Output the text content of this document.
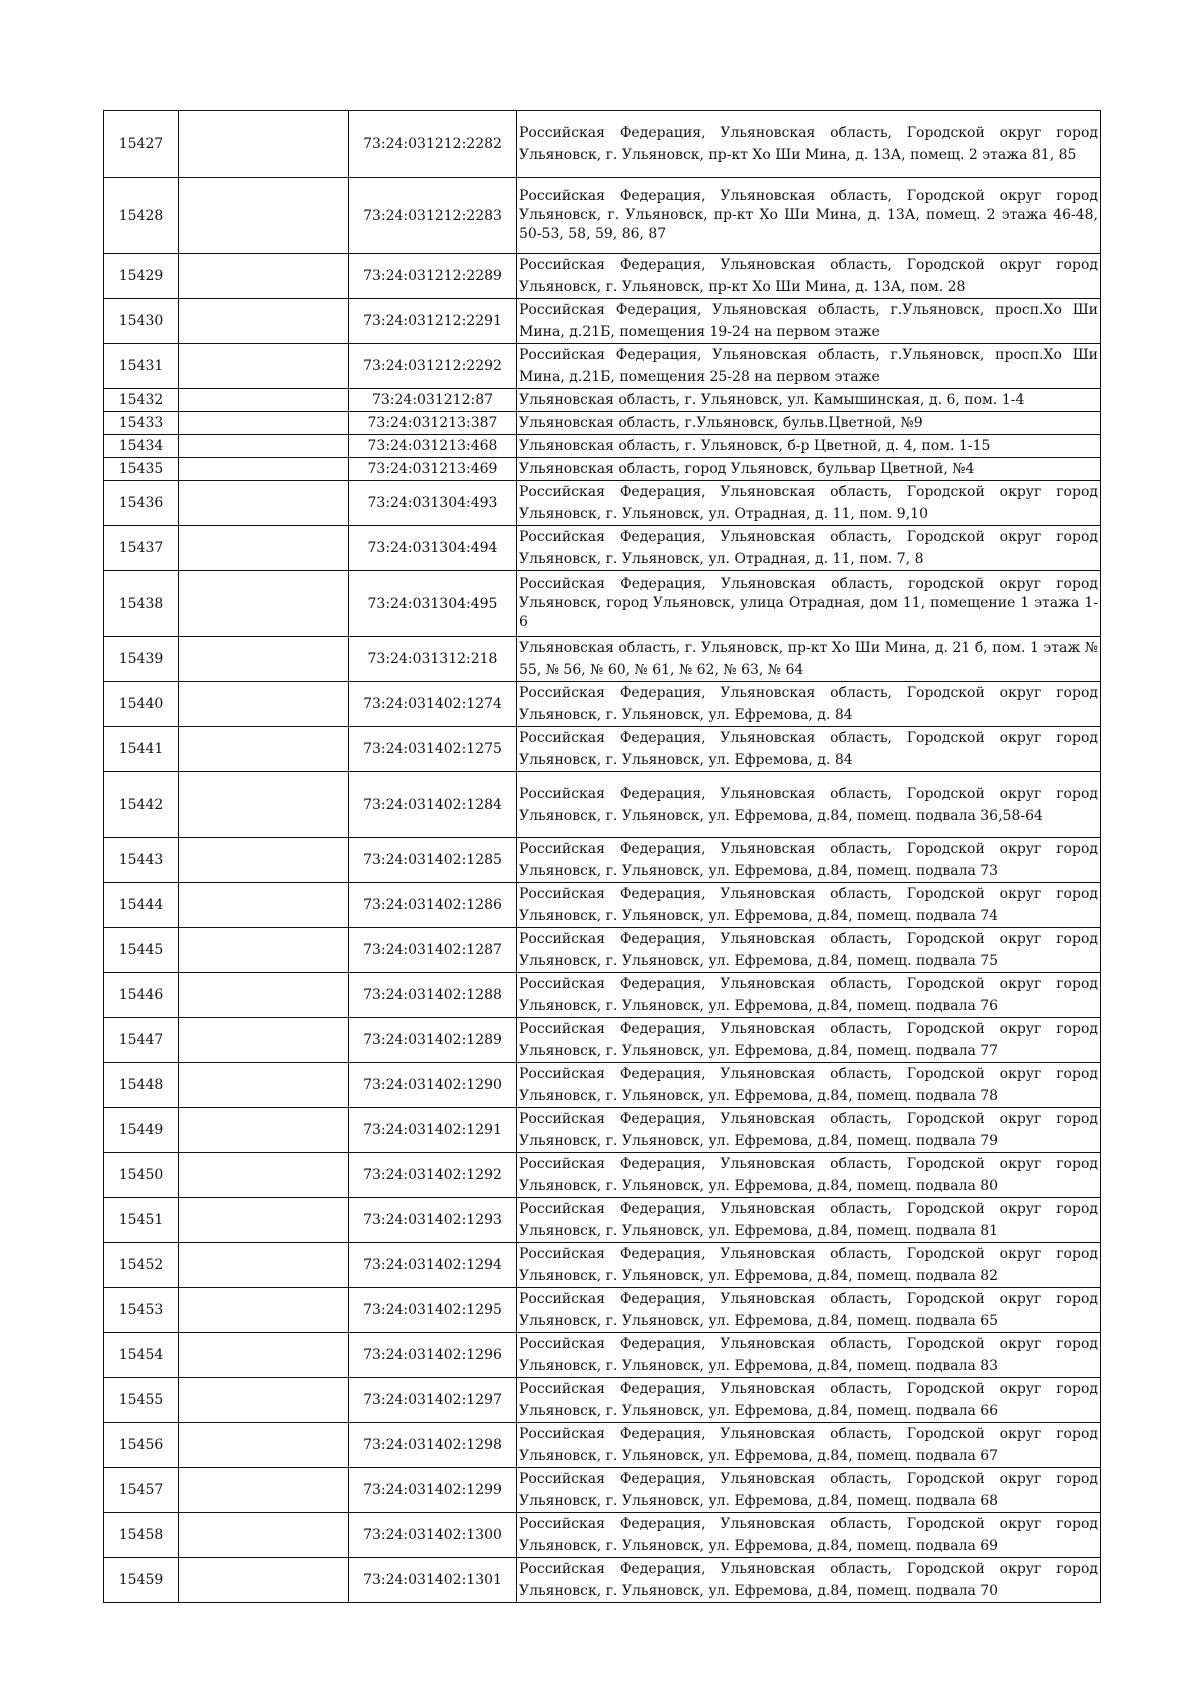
15427		73:24:031212:2282	Российская Федерация, Ульяновская область, Городской округ город Ульяновск, г. Ульяновск, пр-кт Хо Ши Мина, д. 13А, помещ. 2 этажа 81, 85
15428		73:24:031212:2283	Российская Федерация, Ульяновская область, Городской округ город Ульяновск, г. Ульяновск, пр-кт Хо Ши Мина, д. 13А, помещ. 2 этажа 46-48, 50-53, 58, 59, 86, 87
15429		73:24:031212:2289	Российская Федерация, Ульяновская область, Городской округ город Ульяновск, г. Ульяновск, пр-кт Хо Ши Мина, д. 13А, пом. 28
15430		73:24:031212:2291	Российская Федерация, Ульяновская область, г.Ульяновск, просп.Хо Ши Мина, д.21Б, помещения 19-24 на первом этаже
15431		73:24:031212:2292	Российская Федерация, Ульяновская область, г.Ульяновск, просп.Хо Ши Мина, д.21Б, помещения 25-28 на первом этаже
15432		73:24:031212:87	Ульяновская область, г. Ульяновск, ул. Камышинская, д. 6, пом. 1-4
15433		73:24:031213:387	Ульяновская область, г.Ульяновск, бульв.Цветной, №9
15434		73:24:031213:468	Ульяновская область, г. Ульяновск, б-р Цветной, д. 4, пом. 1-15
15435		73:24:031213:469	Ульяновская область, город Ульяновск, бульвар Цветной, №4
15436		73:24:031304:493	Российская Федерация, Ульяновская область, Городской округ город Ульяновск, г. Ульяновск, ул. Отрадная, д. 11, пом. 9,10
15437		73:24:031304:494	Российская Федерация, Ульяновская область, Городской округ город Ульяновск, г. Ульяновск, ул. Отрадная, д. 11, пом. 7, 8
15438		73:24:031304:495	Российская Федерация, Ульяновская область, городской округ город Ульяновск, город Ульяновск, улица Отрадная, дом 11, помещение 1 этажа 1-6
15439		73:24:031312:218	Ульяновская область, г. Ульяновск, пр-кт Хо Ши Мина, д. 21 б, пом. 1 этаж № 55, № 56, № 60, № 61, № 62, № 63, № 64
15440		73:24:031402:1274	Российская Федерация, Ульяновская область, Городской округ город Ульяновск, г. Ульяновск, ул. Ефремова, д. 84
15441		73:24:031402:1275	Российская Федерация, Ульяновская область, Городской округ город Ульяновск, г. Ульяновск, ул. Ефремова, д. 84
15442		73:24:031402:1284	Российская Федерация, Ульяновская область, Городской округ город Ульяновск, г. Ульяновск, ул. Ефремова, д.84, помещ. подвала 36,58-64
15443		73:24:031402:1285	Российская Федерация, Ульяновская область, Городской округ город Ульяновск, г. Ульяновск, ул. Ефремова, д.84, помещ. подвала 73
15444		73:24:031402:1286	Российская Федерация, Ульяновская область, Городской округ город Ульяновск, г. Ульяновск, ул. Ефремова, д.84, помещ. подвала 74
15445		73:24:031402:1287	Российская Федерация, Ульяновская область, Городской округ город Ульяновск, г. Ульяновск, ул. Ефремова, д.84, помещ. подвала 75
15446		73:24:031402:1288	Российская Федерация, Ульяновская область, Городской округ город Ульяновск, г. Ульяновск, ул. Ефремова, д.84, помещ. подвала 76
15447		73:24:031402:1289	Российская Федерация, Ульяновская область, Городской округ город Ульяновск, г. Ульяновск, ул. Ефремова, д.84, помещ. подвала 77
15448		73:24:031402:1290	Российская Федерация, Ульяновская область, Городской округ город Ульяновск, г. Ульяновск, ул. Ефремова, д.84, помещ. подвала 78
15449		73:24:031402:1291	Российская Федерация, Ульяновская область, Городской округ город Ульяновск, г. Ульяновск, ул. Ефремова, д.84, помещ. подвала 79
15450		73:24:031402:1292	Российская Федерация, Ульяновская область, Городской округ город Ульяновск, г. Ульяновск, ул. Ефремова, д.84, помещ. подвала 80
15451		73:24:031402:1293	Российская Федерация, Ульяновская область, Городской округ город Ульяновск, г. Ульяновск, ул. Ефремова, д.84, помещ. подвала 81
15452		73:24:031402:1294	Российская Федерация, Ульяновская область, Городской округ город Ульяновск, г. Ульяновск, ул. Ефремова, д.84, помещ. подвала 82
15453		73:24:031402:1295	Российская Федерация, Ульяновская область, Городской округ город Ульяновск, г. Ульяновск, ул. Ефремова, д.84, помещ. подвала 65
15454		73:24:031402:1296	Российская Федерация, Ульяновская область, Городской округ город Ульяновск, г. Ульяновск, ул. Ефремова, д.84, помещ. подвала 83
15455		73:24:031402:1297	Российская Федерация, Ульяновская область, Городской округ город Ульяновск, г. Ульяновск, ул. Ефремова, д.84, помещ. подвала 66
15456		73:24:031402:1298	Российская Федерация, Ульяновская область, Городской округ город Ульяновск, г. Ульяновск, ул. Ефремова, д.84, помещ. подвала 67
15457		73:24:031402:1299	Российская Федерация, Ульяновская область, Городской округ город Ульяновск, г. Ульяновск, ул. Ефремова, д.84, помещ. подвала 68
15458		73:24:031402:1300	Российская Федерация, Ульяновская область, Городской округ город Ульяновск, г. Ульяновск, ул. Ефремова, д.84, помещ. подвала 69
15459		73:24:031402:1301	Российская Федерация, Ульяновская область, Городской округ город Ульяновск, г. Ульяновск, ул. Ефремова, д.84, помещ. подвала 70
